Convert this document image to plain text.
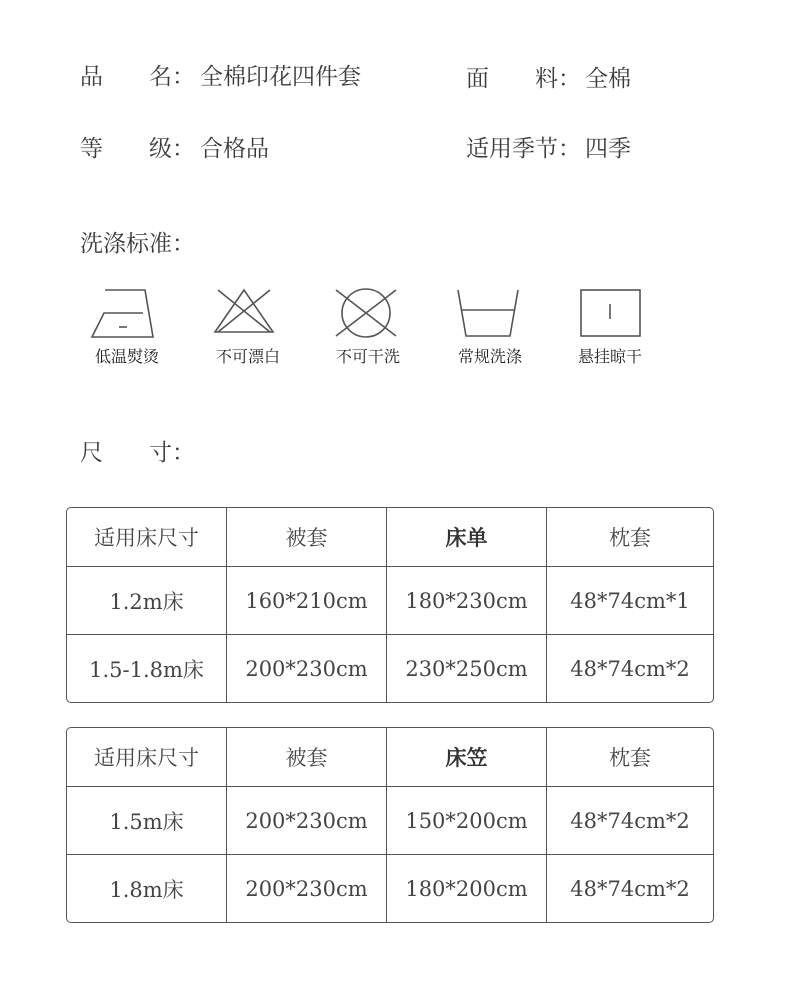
品　　名： 全棉印花四件套	面　　料： 全棉
等　　级： 合格品	适用季节： 四季
洗涤标准：
低温熨烫	不可漂白	不可干洗	常规洗涤	悬挂晾干
尺　　寸：
适用床尺寸	被套	床单	枕套
1.2m床	160*210cm	180*230cm	48*74cm*1
1.5-1.8m床	200*230cm	230*250cm	48*74cm*2
适用床尺寸	被套	床笠	枕套
1.5m床	200*230cm	150*200cm	48*74cm*2
1.8m床	200*230cm	180*200cm	48*74cm*2
